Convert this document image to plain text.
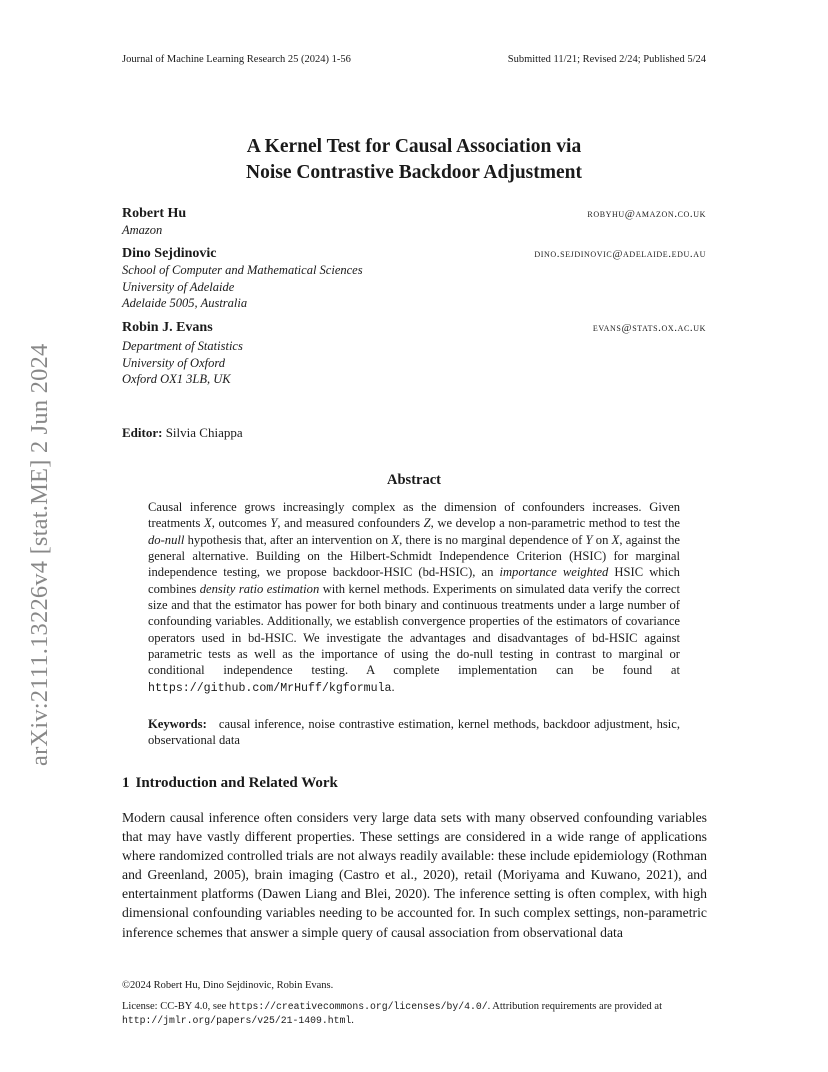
Journal of Machine Learning Research 25 (2024) 1-56	Submitted 11/21; Revised 2/24; Published 5/24
arXiv:2111.13226v4 [stat.ME] 2 Jun 2024
A Kernel Test for Causal Association via
Noise Contrastive Backdoor Adjustment
Robert Hu	robyhu@amazon.co.uk
Amazon
Dino Sejdinovic	dino.sejdinovic@adelaide.edu.au
School of Computer and Mathematical Sciences
University of Adelaide
Adelaide 5005, Australia
Robin J. Evans	evans@stats.ox.ac.uk
Department of Statistics
University of Oxford
Oxford OX1 3LB, UK
Editor: Silvia Chiappa
Abstract

Causal inference grows increasingly complex as the dimension of confounders increases. Given treatments X, outcomes Y, and measured confounders Z, we develop a non-parametric method to test the do-null hypothesis that, after an intervention on X, there is no marginal dependence of Y on X, against the general alternative. Building on the Hilbert-Schmidt Independence Criterion (HSIC) for marginal independence testing, we propose backdoor-HSIC (bd-HSIC), an importance weighted HSIC which combines density ratio estimation with kernel methods. Experiments on simulated data verify the correct size and that the estimator has power for both binary and continuous treatments under a large number of confounding variables. Additionally, we establish convergence properties of the estimators of covariance operators used in bd-HSIC. We investigate the advantages and disadvantages of bd-HSIC against parametric tests as well as the importance of using the do-null testing in contrast to marginal or conditional independence testing. A complete implementation can be found at https://github.com/MrHuff/kgformula.

Keywords: causal inference, noise contrastive estimation, kernel methods, backdoor adjustment, hsic, observational data
1 Introduction and Related Work

Modern causal inference often considers very large data sets with many observed confounding variables that may have vastly different properties. These settings are considered in a wide range of applications where randomized controlled trials are not always readily available: these include epidemiology (Rothman and Greenland, 2005), brain imaging (Castro et al., 2020), retail (Moriyama and Kuwano, 2021), and entertainment platforms (Dawen Liang and Blei, 2020). The inference setting is often complex, with high dimensional confounding variables needing to be accounted for. In such complex settings, non-parametric inference schemes that answer a simple query of causal association from observational data

©2024 Robert Hu, Dino Sejdinovic, Robin Evans.
License: CC-BY 4.0, see https://creativecommons.org/licenses/by/4.0/. Attribution requirements are provided at http://jmlr.org/papers/v25/21-1409.html.
